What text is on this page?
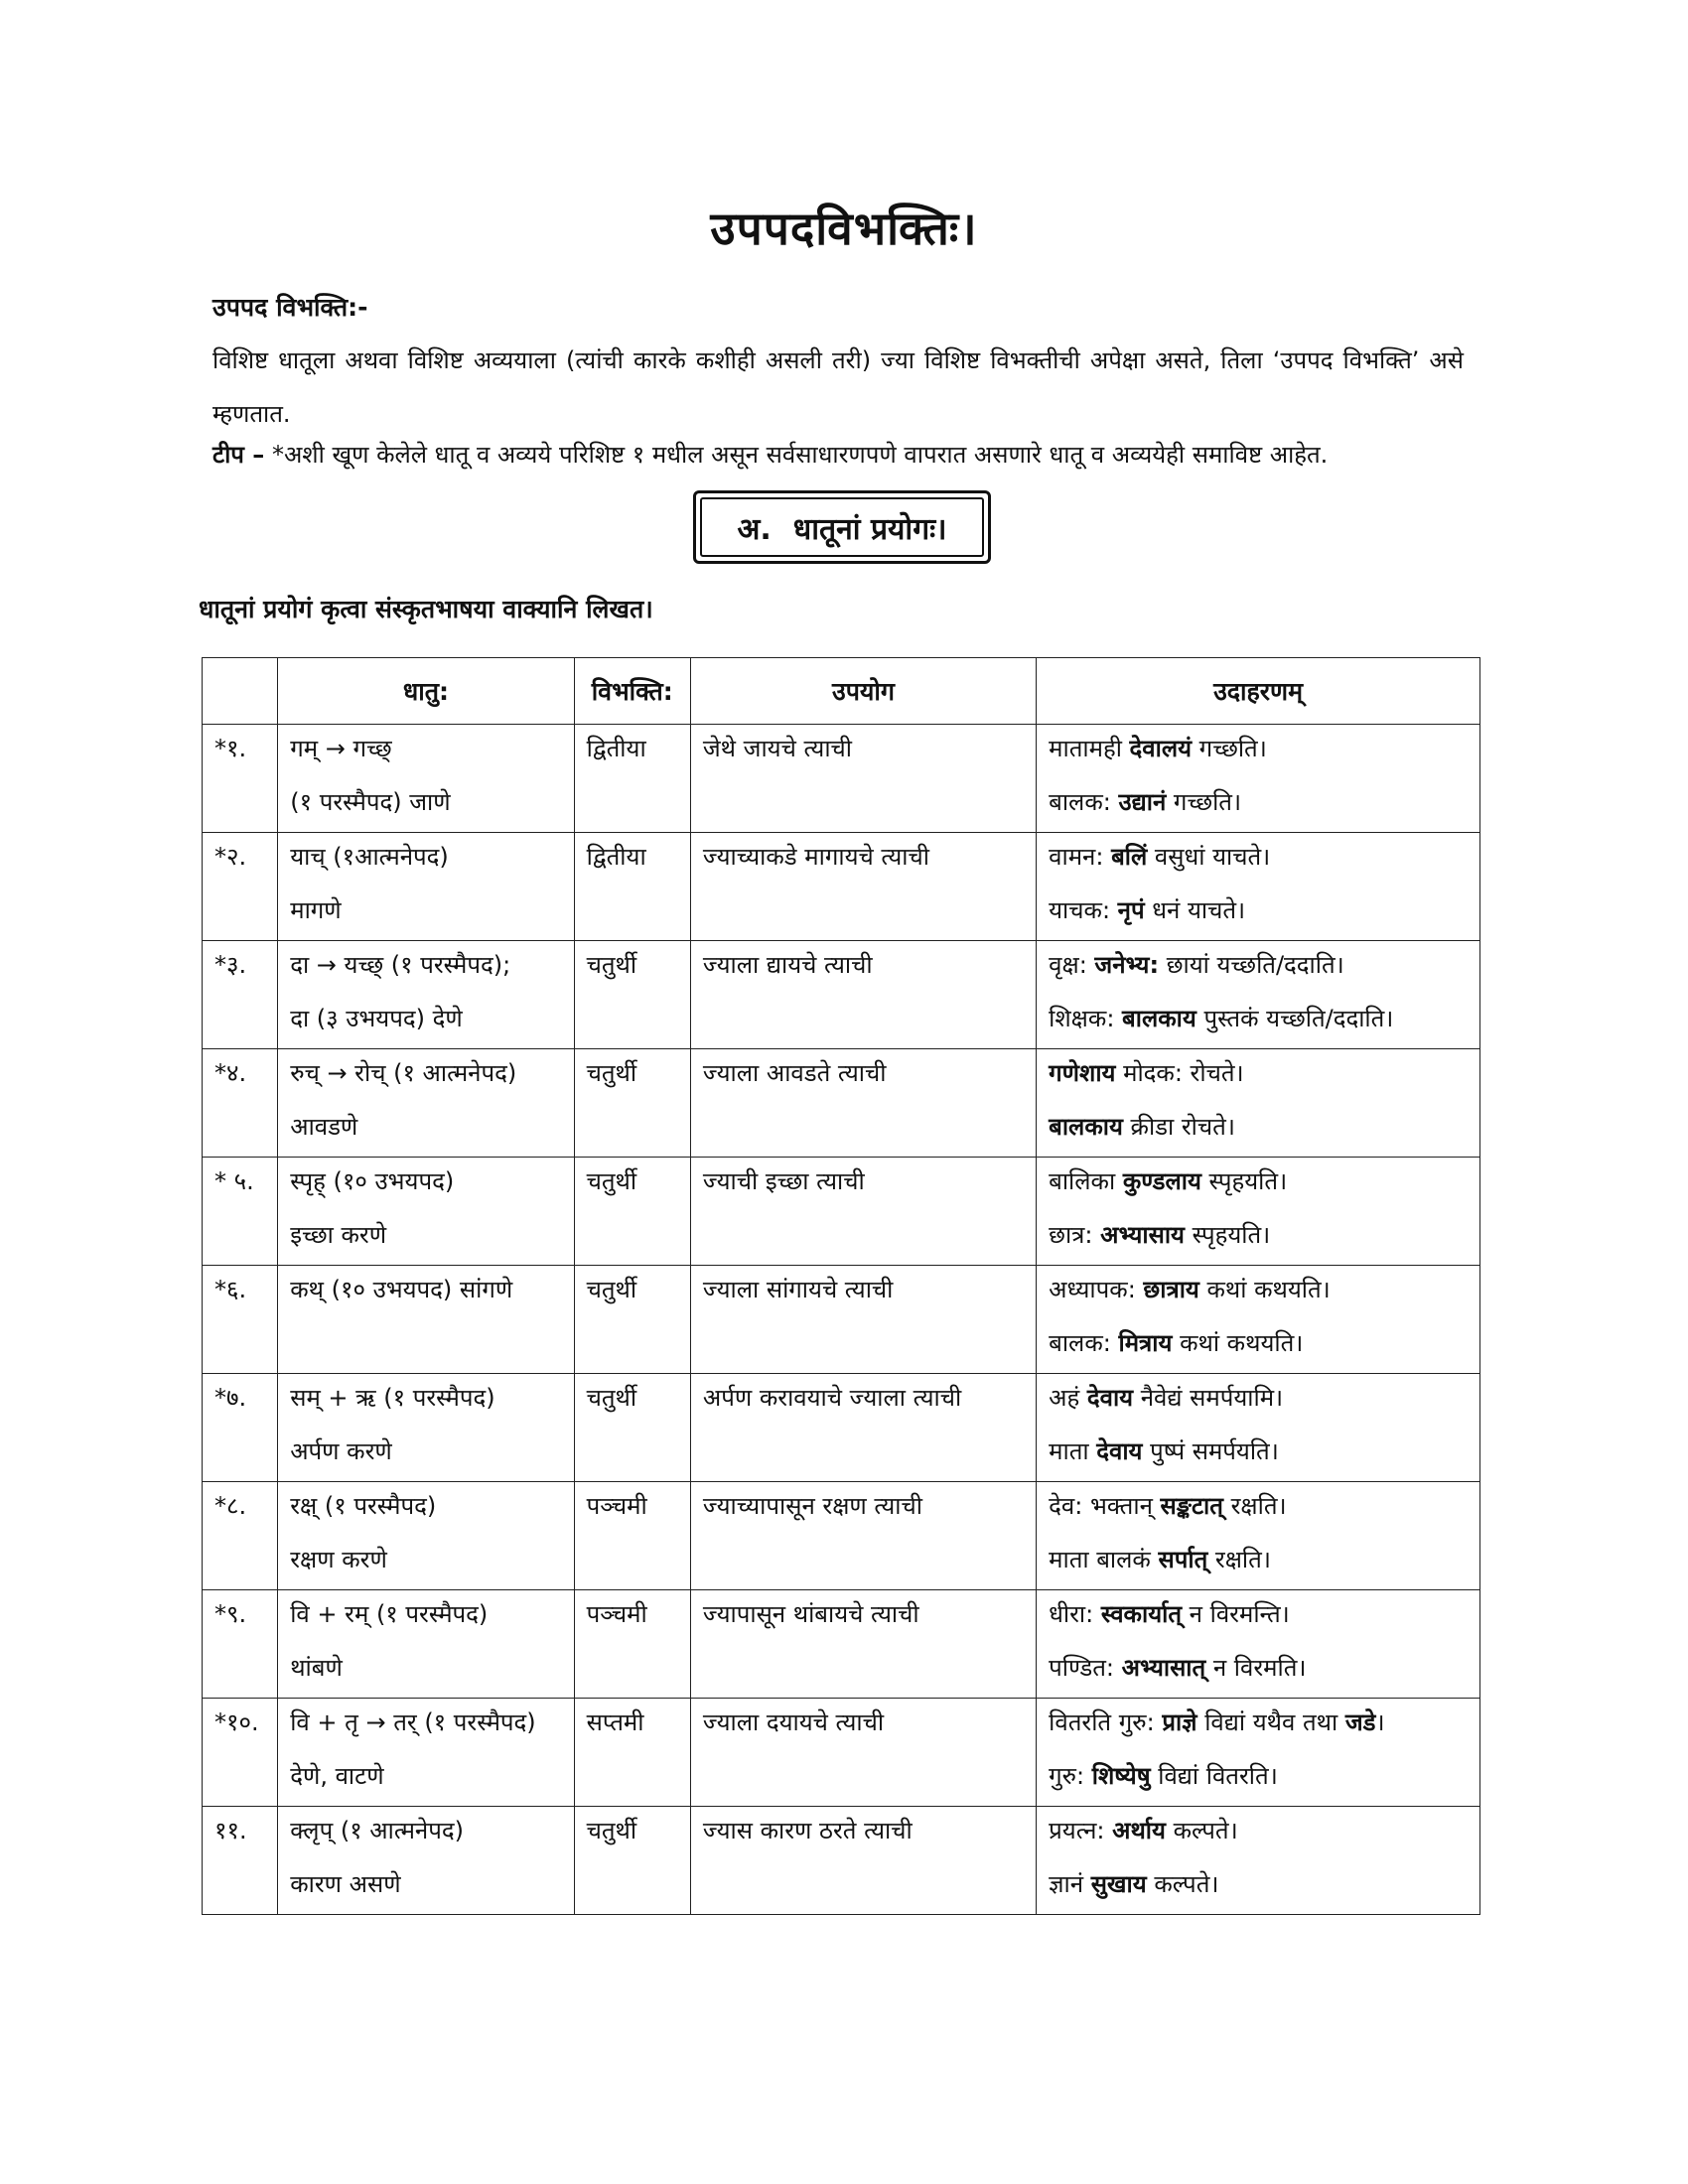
उपपदविभक्तिः।
उपपद विभक्ति:-
विशिष्ट धातूला अथवा विशिष्ट अव्ययाला (त्यांची कारके कशीही असली तरी) ज्या विशिष्ट विभक्तीची अपेक्षा असते, तिला ‘उपपद विभक्ति’ असे म्हणतात.
टीप – *अशी खूण केलेले धातू व अव्यये परिशिष्ट १ मधील असून सर्वसाधारणपणे वापरात असणारे धातू व अव्ययेही समाविष्ट आहेत.
अ. धातूनां प्रयोगः।
धातूनां प्रयोगं कृत्वा संस्कृतभाषया वाक्यानि लिखत।
	धातु:	विभक्ति:	उपयोग	उदाहरणम्

*१.	गम् → गच्छ्
(१ परस्मैपद) जाणे	द्वितीया	जेथे जायचे त्याची	मातामही देवालयं गच्छति।
बालक: उद्यानं गच्छति।

*२.	याच् (१आत्मनेपद)
मागणे	द्वितीया	ज्याच्याकडे मागायचे त्याची	वामन: बलिं वसुधां याचते।
याचक: नृपं धनं याचते।

*३.	दा → यच्छ् (१ परस्मैपद);
दा (३ उभयपद) देणे	चतुर्थी	ज्याला द्यायचे त्याची	वृक्ष: जनेभ्य: छायां यच्छति/ददाति।
शिक्षक: बालकाय पुस्तकं यच्छति/ददाति।

*४.	रुच् → रोच् (१ आत्मनेपद)
आवडणे	चतुर्थी	ज्याला आवडते त्याची	गणेशाय मोदक: रोचते।
बालकाय क्रीडा रोचते।

* ५.	स्पृह् (१० उभयपद)
इच्छा करणे	चतुर्थी	ज्याची इच्छा त्याची	बालिका कुण्डलाय स्पृहयति।
छात्र: अभ्यासाय स्पृहयति।

*६.	कथ् (१० उभयपद) सांगणे	चतुर्थी	ज्याला सांगायचे त्याची	अध्यापक: छात्राय कथां कथयति।
बालक: मित्राय कथां कथयति।

*७.	सम् + ऋ (१ परस्मैपद)
अर्पण करणे	चतुर्थी	अर्पण करावयाचे ज्याला त्याची	अहं देवाय नैवेद्यं समर्पयामि।
माता देवाय पुष्पं समर्पयति।

*८.	रक्ष् (१ परस्मैपद)
रक्षण करणे	पञ्चमी	ज्याच्यापासून रक्षण त्याची	देव: भक्तान् सङ्कटात् रक्षति।
माता बालकं सर्पात् रक्षति।

*९.	वि + रम् (१ परस्मैपद)
थांबणे	पञ्चमी	ज्यापासून थांबायचे त्याची	धीरा: स्वकार्यात् न विरमन्ति।
पण्डित: अभ्यासात् न विरमति।

*१०.	वि + तृ → तर् (१ परस्मैपद)
देणे, वाटणे	सप्तमी	ज्याला दयायचे त्याची	वितरति गुरु: प्राज्ञे विद्यां यथैव तथा जडे।
गुरु: शिष्येषु विद्यां वितरति।

११.	क्लृप् (१ आत्मनेपद)
कारण असणे	चतुर्थी	ज्यास कारण ठरते त्याची	प्रयत्न: अर्थाय कल्पते।
ज्ञानं सुखाय कल्पते।
